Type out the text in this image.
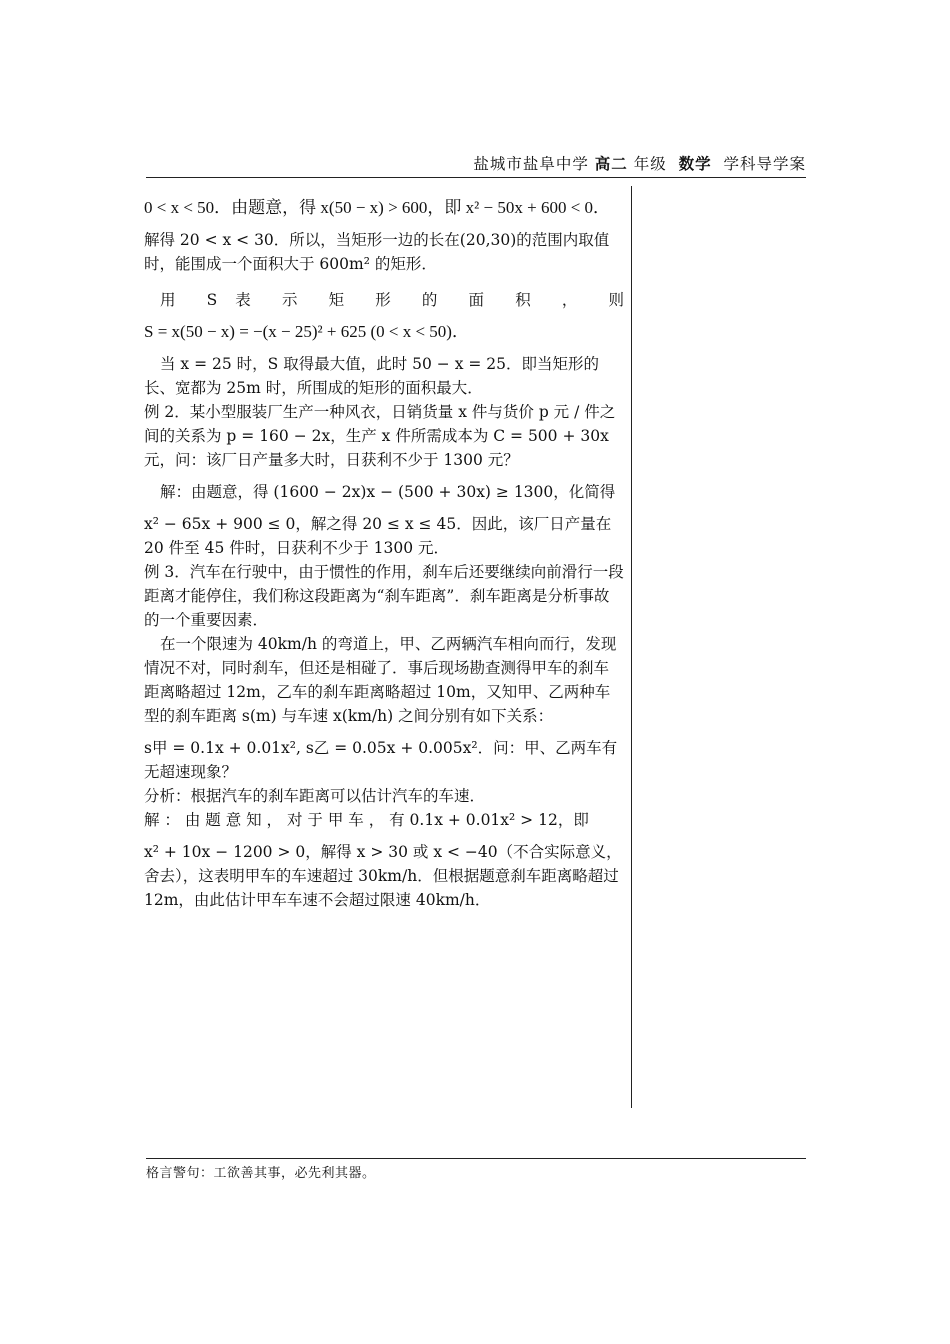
盐城市盐阜中学 高二 年级 数学 学科导学案

0 < x < 50．由题意，得 x(50 − x) > 600，即 x² − 50x + 600 < 0．

解得 20 < x < 30．所以，当矩形一边的长在(20,30)的范围内取值时，能围成一个面积大于 600m² 的矩形．

用 S 表 示 矩 形 的 面 积 ， 则

S = x(50 − x) = −(x − 25)² + 625 (0 < x < 50)．

当 x = 25 时，S 取得最大值，此时 50 − x = 25．即当矩形的长、宽都为 25m 时，所围成的矩形的面积最大．

例 2．某小型服装厂生产一种风衣，日销货量 x 件与货价 p 元 / 件之间的关系为 p = 160 − 2x，生产 x 件所需成本为 C = 500 + 30x 元，问：该厂日产量多大时，日获利不少于 1300 元？

解：由题意，得 (1600 − 2x)x − (500 + 30x) ≥ 1300，化简得

x² − 65x + 900 ≤ 0，解之得 20 ≤ x ≤ 45．因此，该厂日产量在 20 件至 45 件时，日获利不少于 1300 元．

例 3．汽车在行驶中，由于惯性的作用，刹车后还要继续向前滑行一段距离才能停住，我们称这段距离为“刹车距离”．刹车距离是分析事故的一个重要因素．

在一个限速为 40km/h 的弯道上，甲、乙两辆汽车相向而行，发现情况不对，同时刹车，但还是相碰了．事后现场勘查测得甲车的刹车距离略超过 12m，乙车的刹车距离略超过 10m，又知甲、乙两种车型的刹车距离 s(m) 与车速 x(km/h) 之间分别有如下关系：

s甲 = 0.1x + 0.01x², s乙 = 0.05x + 0.005x²．问：甲、乙两车有无超速现象？

分析：根据汽车的刹车距离可以估计汽车的车速．

解 ： 由 题 意 知 ， 对 于 甲 车 ， 有 0.1x + 0.01x² > 12，即

x² + 10x − 1200 > 0，解得 x > 30 或 x < −40（不合实际意义，舍去），这表明甲车的车速超过 30km/h．但根据题意刹车距离略超过 12m，由此估计甲车车速不会超过限速 40km/h．

格言警句：工欲善其事，必先利其器。
